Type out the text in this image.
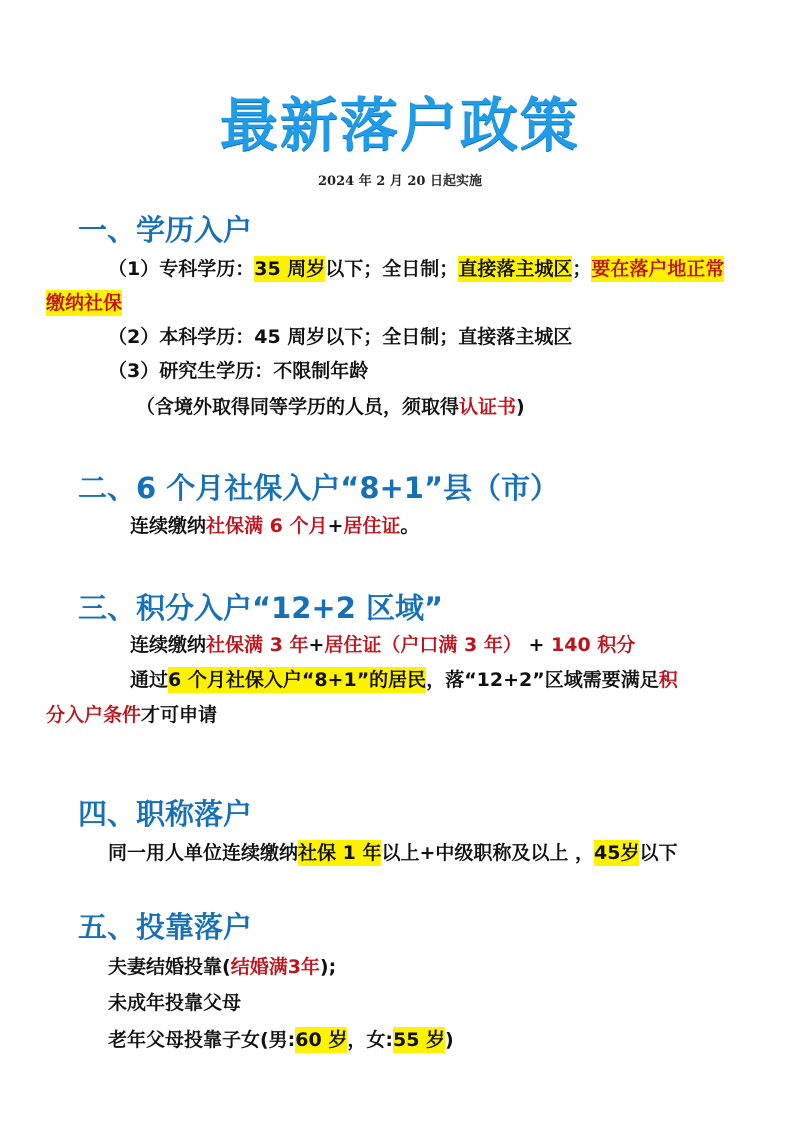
最新落户政策
2024 年 2 月 20 日起实施
一、学历入户
（1）专科学历：35 周岁以下；全日制；直接落主城区；要在落户地正常
缴纳社保
（2）本科学历：45 周岁以下；全日制；直接落主城区
（3）研究生学历：不限制年龄
（含境外取得同等学历的人员，须取得认证书)
二、6 个月社保入户“8+1”县（市）
连续缴纳社保满 6 个月+居住证。
三、积分入户“12+2 区域”
连续缴纳社保满 3 年+居住证（户口满 3 年） + 140 积分
通过6 个月社保入户“8+1”的居民，落“12+2”区域需要满足积
分入户条件才可申请
四、职称落户
同一用人单位连续缴纳社保 1 年以上+中级职称及以上 ，45岁以下
五、投靠落户
夫妻结婚投靠(结婚满3年);
未成年投靠父母
老年父母投靠子女(男:60 岁，女:55 岁)
